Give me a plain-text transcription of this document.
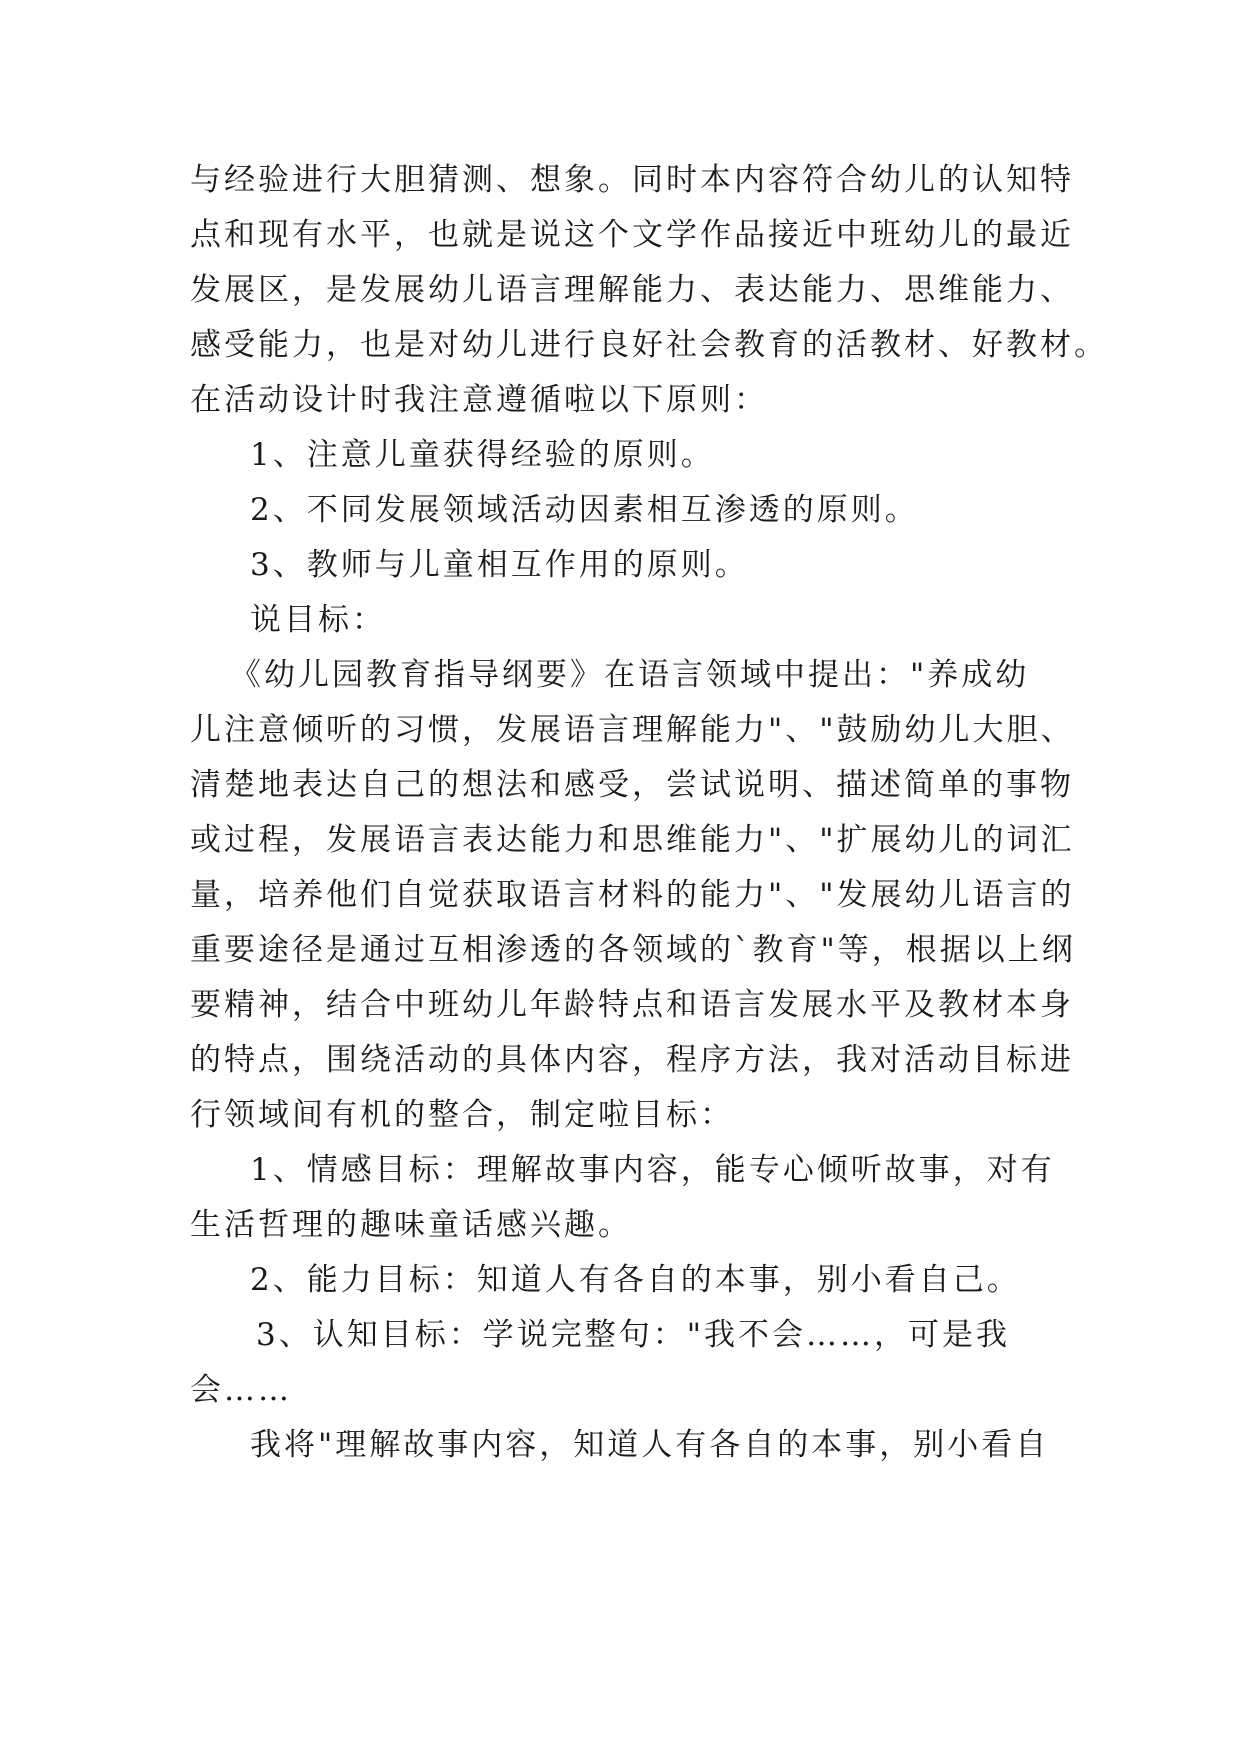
与经验进行大胆猜测、想象。同时本内容符合幼儿的认知特
点和现有水平，也就是说这个文学作品接近中班幼儿的最近
发展区，是发展幼儿语言理解能力、表达能力、思维能力、
感受能力，也是对幼儿进行良好社会教育的活教材、好教材。
在活动设计时我注意遵循啦以下原则：
1、注意儿童获得经验的原则。
2、不同发展领域活动因素相互渗透的原则。
3、教师与儿童相互作用的原则。
说目标：
《幼儿园教育指导纲要》在语言领域中提出："养成幼
儿注意倾听的习惯，发展语言理解能力"、"鼓励幼儿大胆、
清楚地表达自己的想法和感受，尝试说明、描述简单的事物
或过程，发展语言表达能力和思维能力"、"扩展幼儿的词汇
量，培养他们自觉获取语言材料的能力"、"发展幼儿语言的
重要途径是通过互相渗透的各领域的`教育"等，根据以上纲
要精神，结合中班幼儿年龄特点和语言发展水平及教材本身
的特点，围绕活动的具体内容，程序方法，我对活动目标进
行领域间有机的整合，制定啦目标：
1、情感目标：理解故事内容，能专心倾听故事，对有
生活哲理的趣味童话感兴趣。
2、能力目标：知道人有各自的本事，别小看自己。
3、认知目标：学说完整句："我不会……，可是我
会……
我将"理解故事内容，知道人有各自的本事，别小看自
